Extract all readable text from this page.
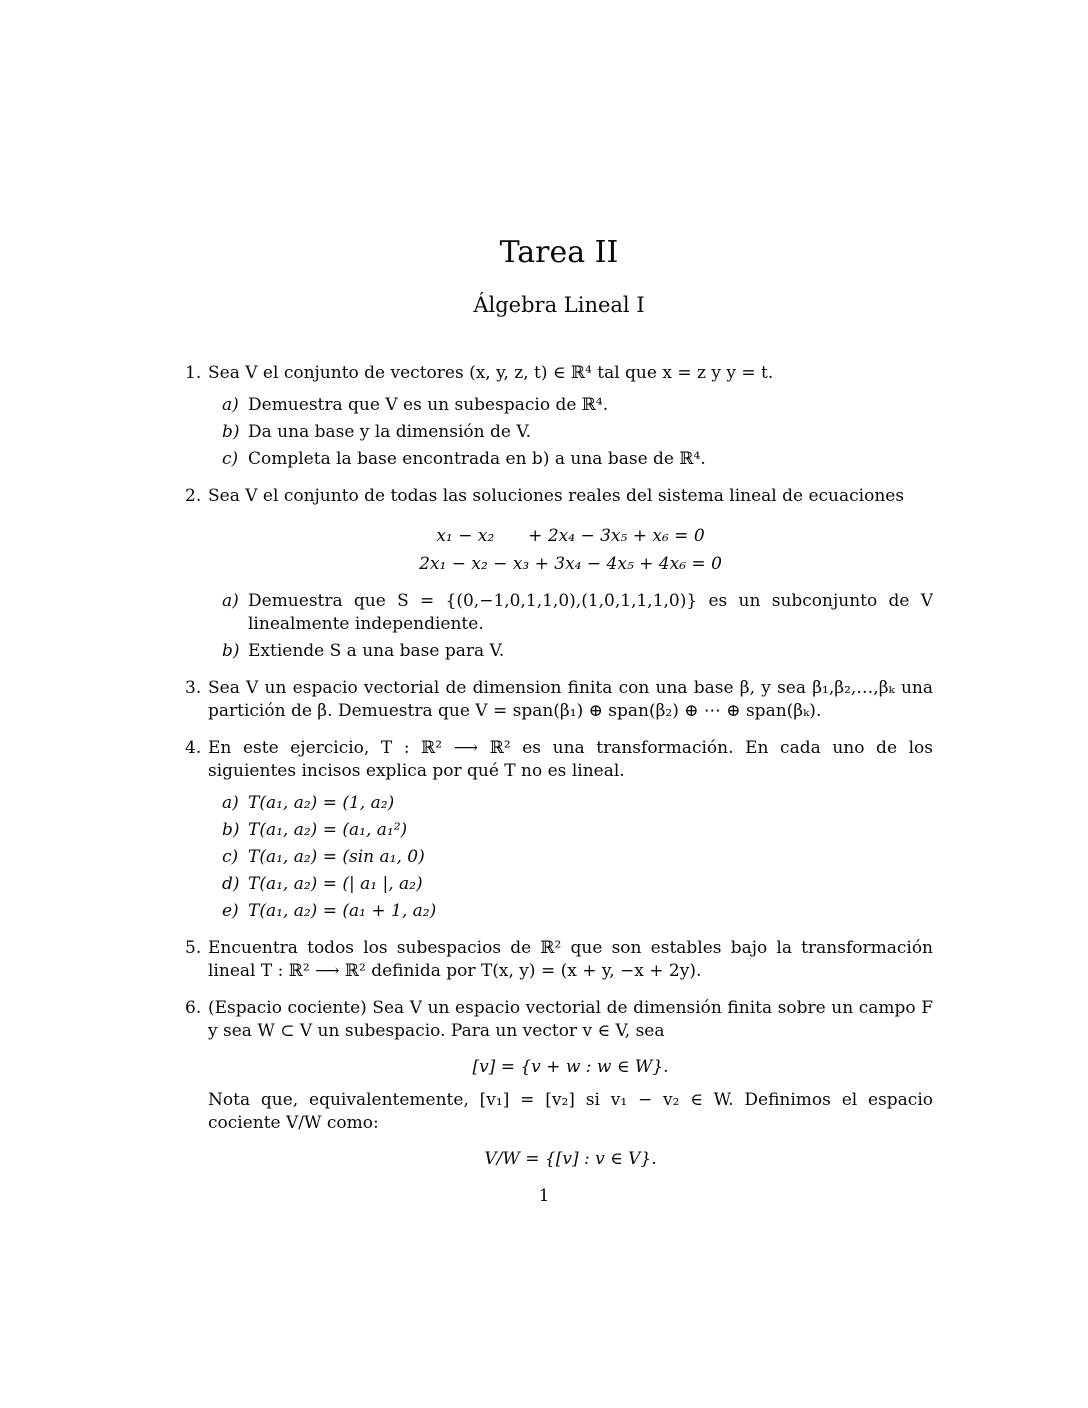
Tarea II
Álgebra Lineal I
1. Sea V el conjunto de vectores (x, y, z, t) ∈ ℝ⁴ tal que x = z y y = t.

a) Demuestra que V es un subespacio de ℝ⁴.
b) Da una base y la dimensión de V.
c) Completa la base encontrada en b) a una base de ℝ⁴.
2. Sea V el conjunto de todas las soluciones reales del sistema lineal de ecuaciones

x₁ − x₂   + 2x₄ − 3x₅ + x₆ = 0
2x₁ − x₂ − x₃ + 3x₄ − 4x₅ + 4x₆ = 0
a) Demuestra que S = {(0,−1,0,1,1,0),(1,0,1,1,1,0)} es un subconjunto de V linealmente independiente.
b) Extiende S a una base para V.
3. Sea V un espacio vectorial de dimension finita con una base β, y sea β₁,β₂,…,βₖ una partición de β. Demuestra que V = span(β₁) ⊕ span(β₂) ⊕ ⋯ ⊕ span(βₖ).

4. En este ejercicio, T : ℝ² ⟶ ℝ² es una transformación. En cada uno de los siguientes incisos explica por qué T no es lineal.

a) T(a₁, a₂) = (1, a₂)
b) T(a₁, a₂) = (a₁, a₁²)
c) T(a₁, a₂) = (sin a₁, 0)
d) T(a₁, a₂) = (| a₁ |, a₂)
e) T(a₁, a₂) = (a₁ + 1, a₂)
5. Encuentra todos los subespacios de ℝ² que son estables bajo la transformación lineal T : ℝ² ⟶ ℝ² definida por T(x, y) = (x + y, −x + 2y).

6. (Espacio cociente) Sea V un espacio vectorial de dimensión finita sobre un campo F y sea W ⊂ V un subespacio. Para un vector v ∈ V, sea

[v] = {v + w : w ∈ W}.

Nota que, equivalentemente, [v₁] = [v₂] si v₁ − v₂ ∈ W. Definimos el espacio cociente V/W como:

V/W = {[v] : v ∈ V}.
1
